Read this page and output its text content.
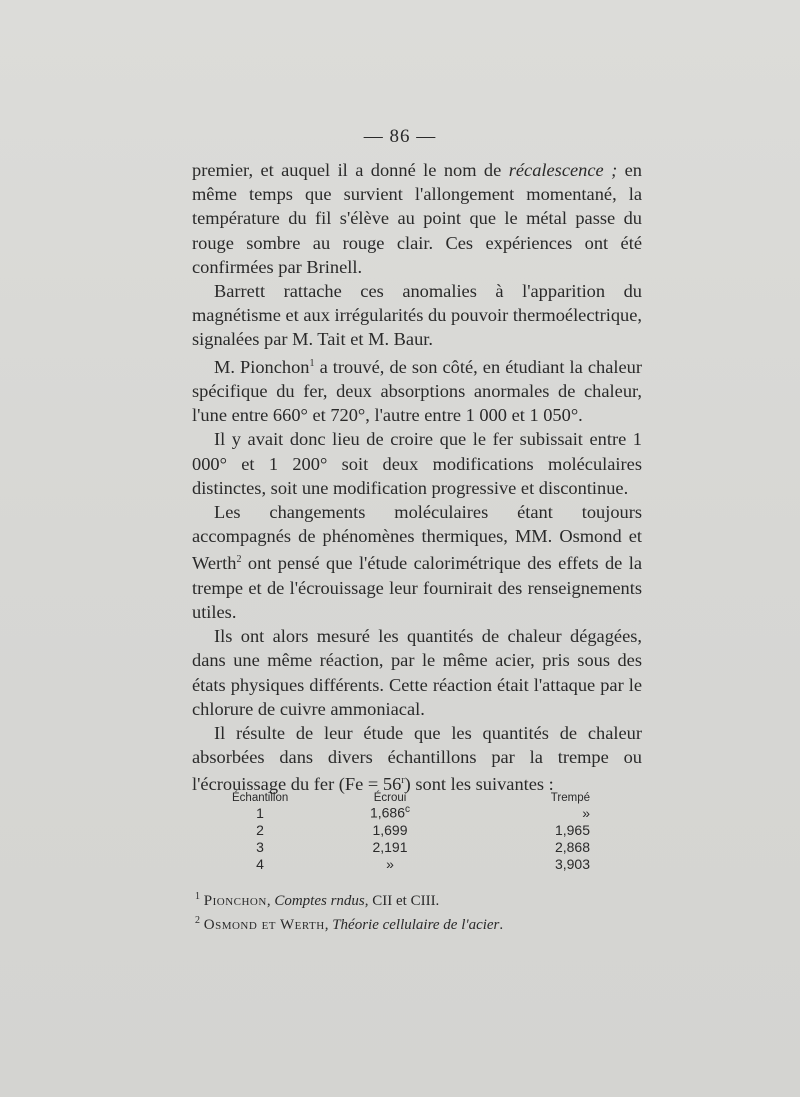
— 86 —

premier, et auquel il a donné le nom de récalescence ; en même temps que survient l'allongement momentané, la température du fil s'élève au point que le métal passe du rouge sombre au rouge clair. Ces expériences ont été confirmées par Brinell.

Barrett rattache ces anomalies à l'apparition du magnétisme et aux irrégularités du pouvoir thermoélectrique, signalées par M. Tait et M. Baur.

M. Pionchon$^1$ a trouvé, de son côté, en étudiant la chaleur spécifique du fer, deux absorptions anormales de chaleur, l'une entre 660° et 720°, l'autre entre 1 000 et 1 050°.

Il y avait donc lieu de croire que le fer subissait entre 1 000° et 1 200° soit deux modifications moléculaires distinctes, soit une modification progressive et discontinue.

Les changements moléculaires étant toujours accompagnés de phénomènes thermiques, MM. Osmond et Werth$^2$ ont pensé que l'étude calorimétrique des effets de la trempe et de l'écrouissage leur fournirait des renseignements utiles.

Ils ont alors mesuré les quantités de chaleur dégagées, dans une même réaction, par le même acier, pris sous des états physiques différents. Cette réaction était l'attaque par le chlorure de cuivre ammoniacal.

Il résulte de leur étude que les quantités de chaleur absorbées dans divers échantillons par la trempe ou l'écrouissage du fer $(Fe = 56^r)$ sont les suivantes :

Échantillon	Écroui	Trempé
1	1,686$^c$	»
2	1,699	1,965
3	2,191	2,868
4	»	3,903
$^1$ Pionchon, Comptes rndus, CII et CIII.
$^2$ Osmond et Werth, Théorie cellulaire de l'acier.
